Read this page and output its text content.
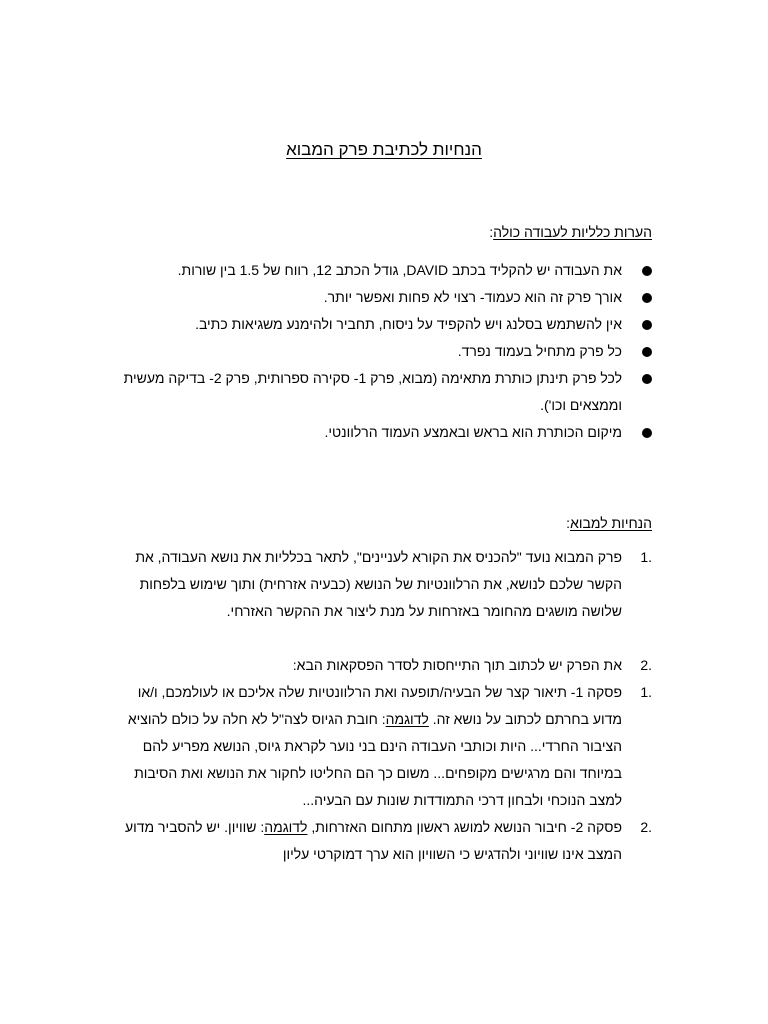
הנחיות לכתיבת פרק המבוא
הערות כלליות לעבודה כולה:
את העבודה יש להקליד בכתב DAVID, גודל הכתב 12, רווח של 1.5 בין שורות.
אורך פרק זה הוא כעמוד- רצוי לא פחות ואפשר יותר.
אין להשתמש בסלנג ויש להקפיד על ניסוח, תחביר ולהימנע משגיאות כתיב.
כל פרק מתחיל בעמוד נפרד.
לכל פרק תינתן כותרת מתאימה (מבוא, פרק 1- סקירה ספרותית, פרק 2- בדיקה מעשית וממצאים וכו').
מיקום הכותרת הוא בראש ובאמצע העמוד הרלוונטי.
הנחיות למבוא:
.1
פרק המבוא נועד "להכניס את הקורא לעניינים", לתאר בכלליות את נושא העבודה, את הקשר שלכם לנושא, את הרלוונטיות של הנושא (כבעיה אזרחית) ותוך שימוש בלפחות שלושה מושגים מהחומר באזרחות על מנת ליצור את ההקשר האזרחי.
.2
את הפרק יש לכתוב תוך התייחסות לסדר הפסקאות הבא:
.1
פסקה 1- תיאור קצר של הבעיה/תופעה ואת הרלוונטיות שלה אליכם או לעולמכם, ו/או מדוע בחרתם לכתוב על נושא זה. לדוגמה: חובת הגיוס לצה"ל לא חלה על כולם להוציא הציבור החרדי... היות וכותבי העבודה הינם בני נוער לקראת גיוס, הנושא מפריע להם במיוחד והם מרגישים מקופחים... משום כך הם החליטו לחקור את הנושא ואת הסיבות למצב הנוכחי ולבחון דרכי התמודדות שונות עם הבעיה...
.2
פסקה 2- חיבור הנושא למושג ראשון מתחום האזרחות, לדוגמה: שוויון. יש להסביר מדוע המצב אינו שוויוני ולהדגיש כי השוויון הוא ערך דמוקרטי עליון
